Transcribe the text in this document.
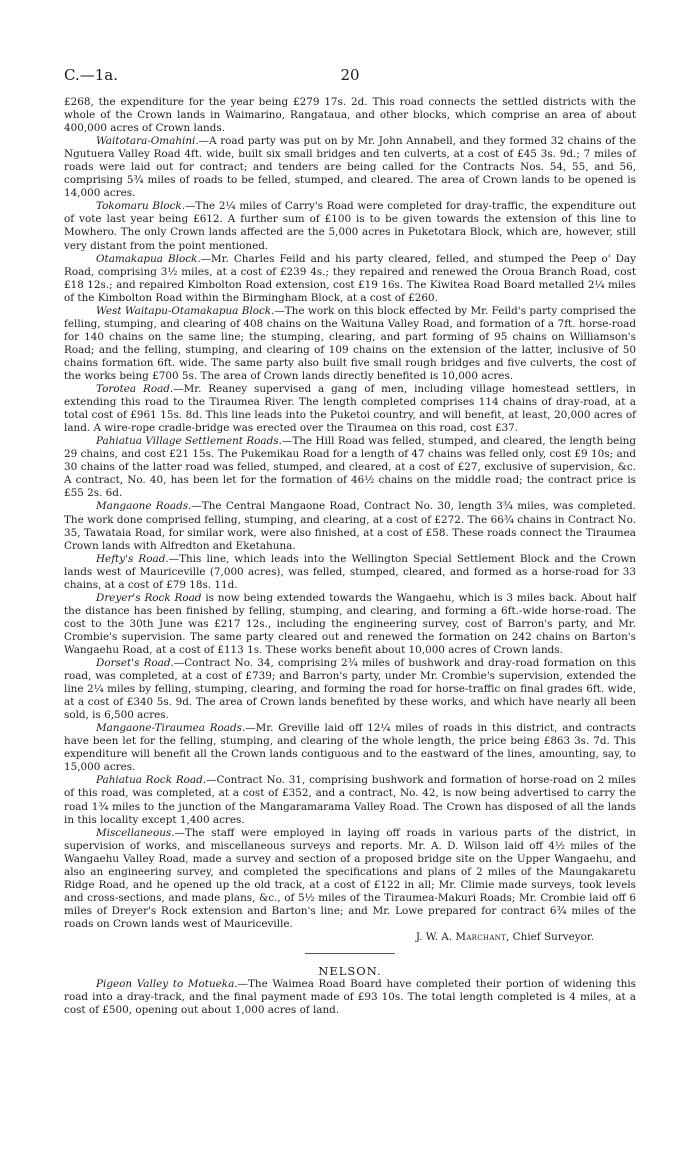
C.—1a.	20

£268, the expenditure for the year being £279 17s. 2d. This road connects the settled districts with the whole of the Crown lands in Waimarino, Rangataua, and other blocks, which comprise an area of about 400,000 acres of Crown lands.

Waitotara-Omahini.—A road party was put on by Mr. John Annabell, and they formed 32 chains of the Ngutuera Valley Road 4ft. wide, built six small bridges and ten culverts, at a cost of £45 3s. 9d.; 7 miles of roads were laid out for contract; and tenders are being called for the Contracts Nos. 54, 55, and 56, comprising 5¾ miles of roads to be felled, stumped, and cleared. The area of Crown lands to be opened is 14,000 acres.

Tokomaru Block.—The 2¼ miles of Carry's Road were completed for dray-traffic, the expenditure out of vote last year being £612. A further sum of £100 is to be given towards the extension of this line to Mowhero. The only Crown lands affected are the 5,000 acres in Puketotara Block, which are, however, still very distant from the point mentioned.

Otamakapua Block.—Mr. Charles Feild and his party cleared, felled, and stumped the Peep o' Day Road, comprising 3½ miles, at a cost of £239 4s.; they repaired and renewed the Oroua Branch Road, cost £18 12s.; and repaired Kimbolton Road extension, cost £19 16s. The Kiwitea Road Board metalled 2¼ miles of the Kimbolton Road within the Birmingham Block, at a cost of £260.

West Waitapu-Otamakapua Block.—The work on this block effected by Mr. Feild's party comprised the felling, stumping, and clearing of 408 chains on the Waituna Valley Road, and formation of a 7ft. horse-road for 140 chains on the same line; the stumping, clearing, and part forming of 95 chains on Williamson's Road; and the felling, stumping, and clearing of 109 chains on the extension of the latter, inclusive of 50 chains formation 6ft. wide. The same party also built five small rough bridges and five culverts, the cost of the works being £700 5s. The area of Crown lands directly benefited is 10,000 acres.

Torotea Road.—Mr. Reaney supervised a gang of men, including village homestead settlers, in extending this road to the Tiraumea River. The length completed comprises 114 chains of dray-road, at a total cost of £961 15s. 8d. This line leads into the Puketoi country, and will benefit, at least, 20,000 acres of land. A wire-rope cradle-bridge was erected over the Tiraumea on this road, cost £37.

Pahiatua Village Settlement Roads.—The Hill Road was felled, stumped, and cleared, the length being 29 chains, and cost £21 15s. The Pukemikau Road for a length of 47 chains was felled only, cost £9 10s; and 30 chains of the latter road was felled, stumped, and cleared, at a cost of £27, exclusive of supervision, &c. A contract, No. 40, has been let for the formation of 46½ chains on the middle road; the contract price is £55 2s. 6d.

Mangaone Roads.—The Central Mangaone Road, Contract No. 30, length 3¾ miles, was completed. The work done comprised felling, stumping, and clearing, at a cost of £272. The 66¾ chains in Contract No. 35, Tawataia Road, for similar work, were also finished, at a cost of £58. These roads connect the Tiraumea Crown lands with Alfredton and Eketahuna.

Hefty's Road.—This line, which leads into the Wellington Special Settlement Block and the Crown lands west of Mauriceville (7,000 acres), was felled, stumped, cleared, and formed as a horse-road for 33 chains, at a cost of £79 18s. 11d.

Dreyer's Rock Road is now being extended towards the Wangaehu, which is 3 miles back. About half the distance has been finished by felling, stumping, and clearing, and forming a 6ft.-wide horse-road. The cost to the 30th June was £217 12s., including the engineering survey, cost of Barron's party, and Mr. Crombie's supervision. The same party cleared out and renewed the formation on 242 chains on Barton's Wangaehu Road, at a cost of £113 1s. These works benefit about 10,000 acres of Crown lands.

Dorset's Road.—Contract No. 34, comprising 2¾ miles of bushwork and dray-road formation on this road, was completed, at a cost of £739; and Barron's party, under Mr. Crombie's supervision, extended the line 2¼ miles by felling, stumping, clearing, and forming the road for horse-traffic on final grades 6ft. wide, at a cost of £340 5s. 9d. The area of Crown lands benefited by these works, and which have nearly all been sold, is 6,500 acres.

Mangaone-Tiraumea Roads.—Mr. Greville laid off 12¼ miles of roads in this district, and contracts have been let for the felling, stumping, and clearing of the whole length, the price being £863 3s. 7d. This expenditure will benefit all the Crown lands contiguous and to the eastward of the lines, amounting, say, to 15,000 acres.

Pahiatua Rock Road.—Contract No. 31, comprising bushwork and formation of horse-road on 2 miles of this road, was completed, at a cost of £352, and a contract, No. 42, is now being advertised to carry the road 1¾ miles to the junction of the Mangaramarama Valley Road. The Crown has disposed of all the lands in this locality except 1,400 acres.

Miscellaneous.—The staff were employed in laying off roads in various parts of the district, in supervision of works, and miscellaneous surveys and reports. Mr. A. D. Wilson laid off 4½ miles of the Wangaehu Valley Road, made a survey and section of a proposed bridge site on the Upper Wangaehu, and also an engineering survey, and completed the specifications and plans of 2 miles of the Maungakaretu Ridge Road, and he opened up the old track, at a cost of £122 in all; Mr. Climie made surveys, took levels and cross-sections, and made plans, &c., of 5½ miles of the Tiraumea-Makuri Roads; Mr. Crombie laid off 6 miles of Dreyer's Rock extension and Barton's line; and Mr. Lowe prepared for contract 6¾ miles of the roads on Crown lands west of Mauriceville.

J. W. A. Marchant, Chief Surveyor.

NELSON.

Pigeon Valley to Motueka.—The Waimea Road Board have completed their portion of widening this road into a dray-track, and the final payment made of £93 10s. The total length completed is 4 miles, at a cost of £500, opening out about 1,000 acres of land.
